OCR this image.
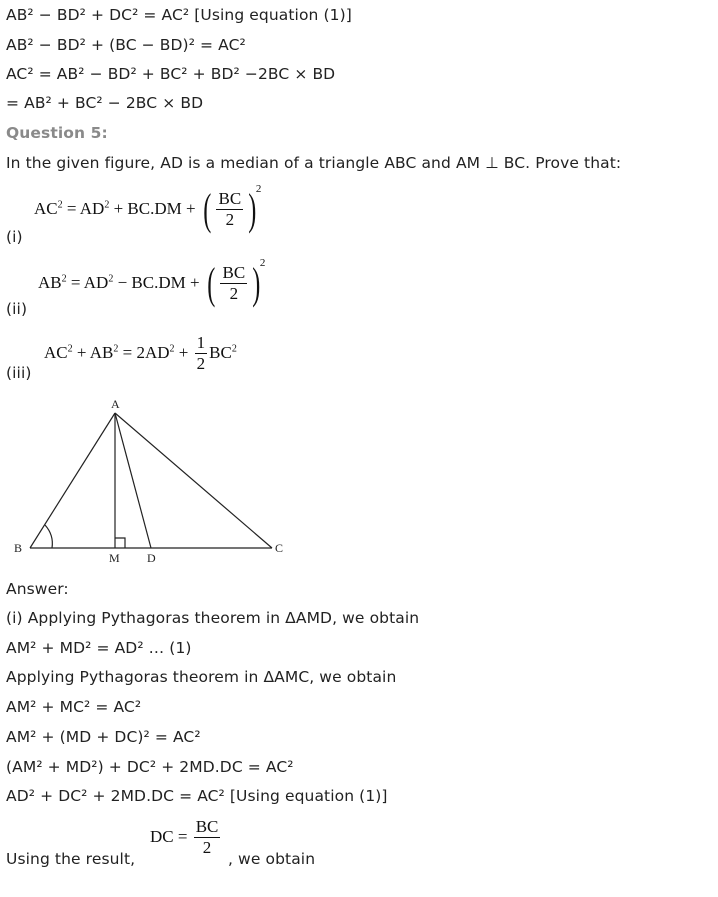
AB² − BD² + DC² = AC² [Using equation (1)]
AB² − BD² + (BC − BD)² = AC²
AC² = AB² − BD² + BC² + BD² −2BC × BD
= AB² + BC² − 2BC × BD
Question 5:
In the given figure, AD is a median of a triangle ABC and AM ⊥ BC. Prove that:
(i)
$AC^2 = AD^2 + BC.DM$ + ( $\frac{BC}{2} )^2$
(ii)
$AB^2 = AD^2 - BC.DM$ + ( $\frac{BC}{2} )^2$
(iii)
$AC^2 + AB^2 = 2AD^2 + \frac{1}{2} BC^2$
A
B	C
M D
Answer:
(i) Applying Pythagoras theorem in ΔAMD, we obtain
AM² + MD² = AD² … (1)
Applying Pythagoras theorem in ΔAMC, we obtain
AM² + MC² = AC²
AM² + (MD + DC)² = AC²
(AM² + MD²) + DC² + 2MD.DC = AC²
AD² + DC² + 2MD.DC = AC² [Using equation (1)]
Using the result,
DC = $\frac{BC}{2}$
, we obtain
